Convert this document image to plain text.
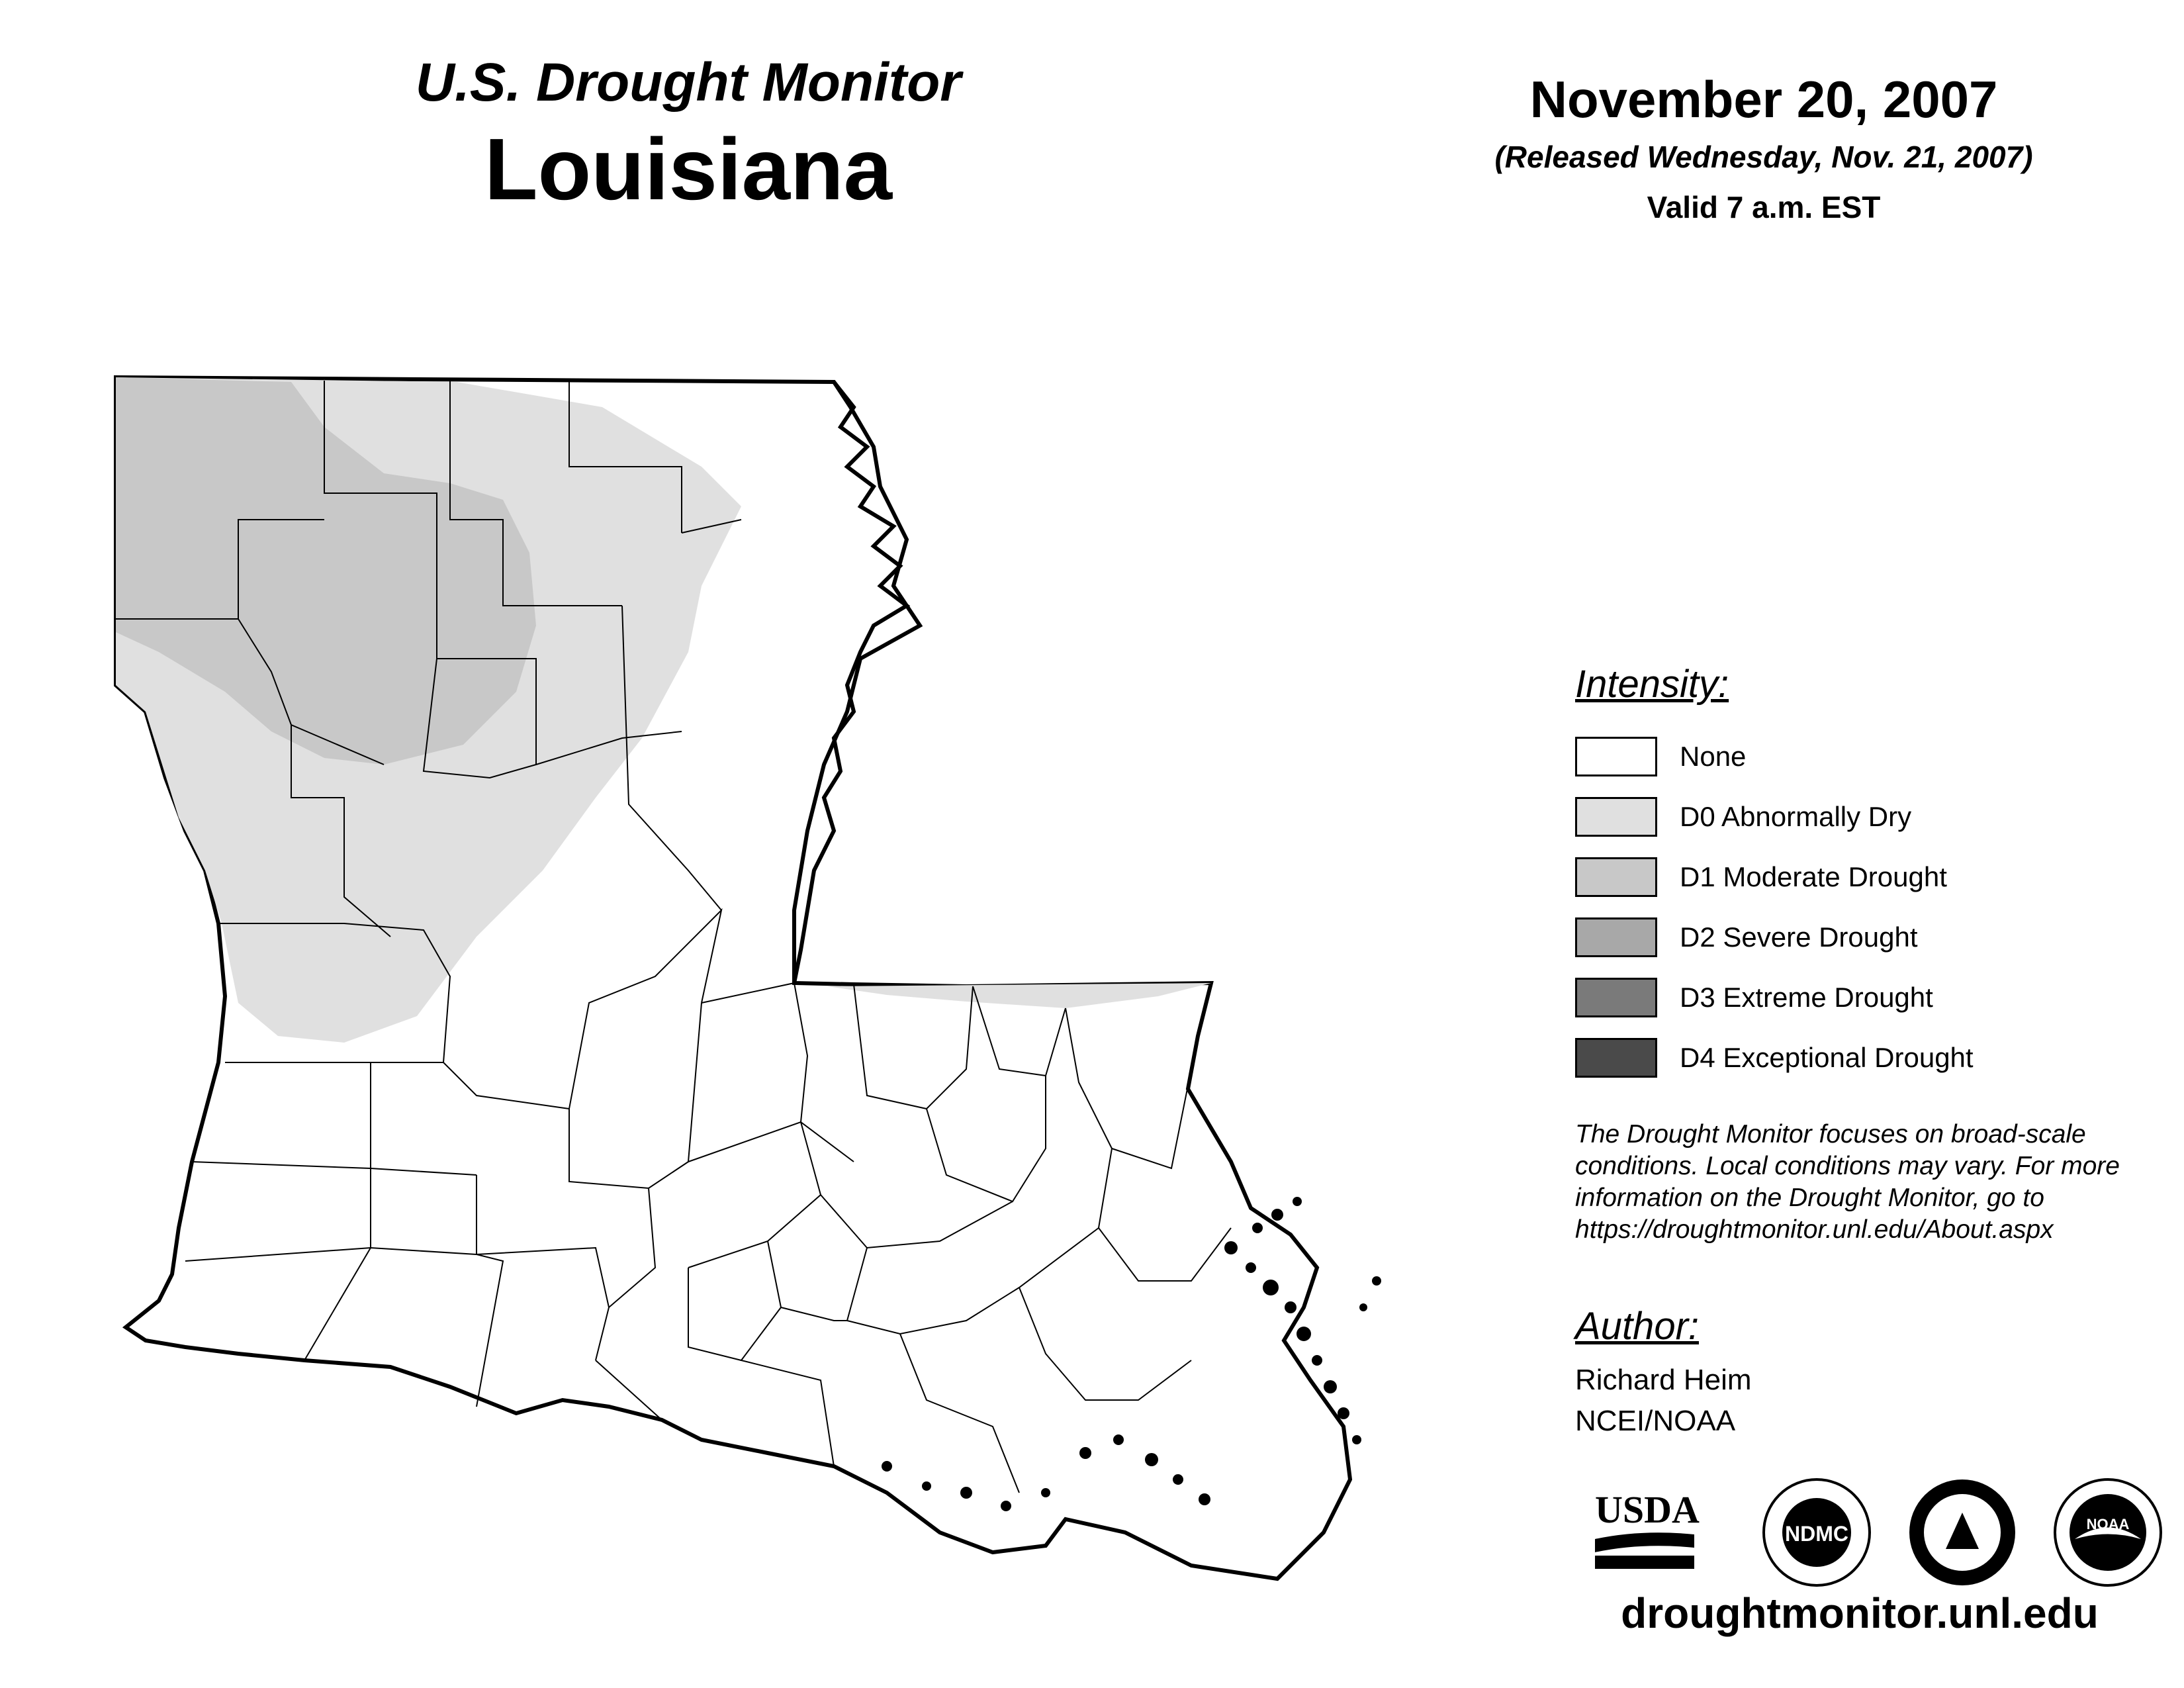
U.S. Drought Monitor
Louisiana
November 20, 2007
(Released Wednesday, Nov. 21, 2007)
Valid 7 a.m. EST
Intensity:
None
D0 Abnormally Dry
D1 Moderate Drought
D2 Severe Drought
D3 Extreme Drought
D4 Exceptional Drought
The Drought Monitor focuses on broad-scale conditions. Local conditions may vary. For more information on the Drought Monitor, go to https://droughtmonitor.unl.edu/About.aspx
Author:
Richard Heim
NCEI/NOAA
USDA
NDMC	NOAA
droughtmonitor.unl.edu
